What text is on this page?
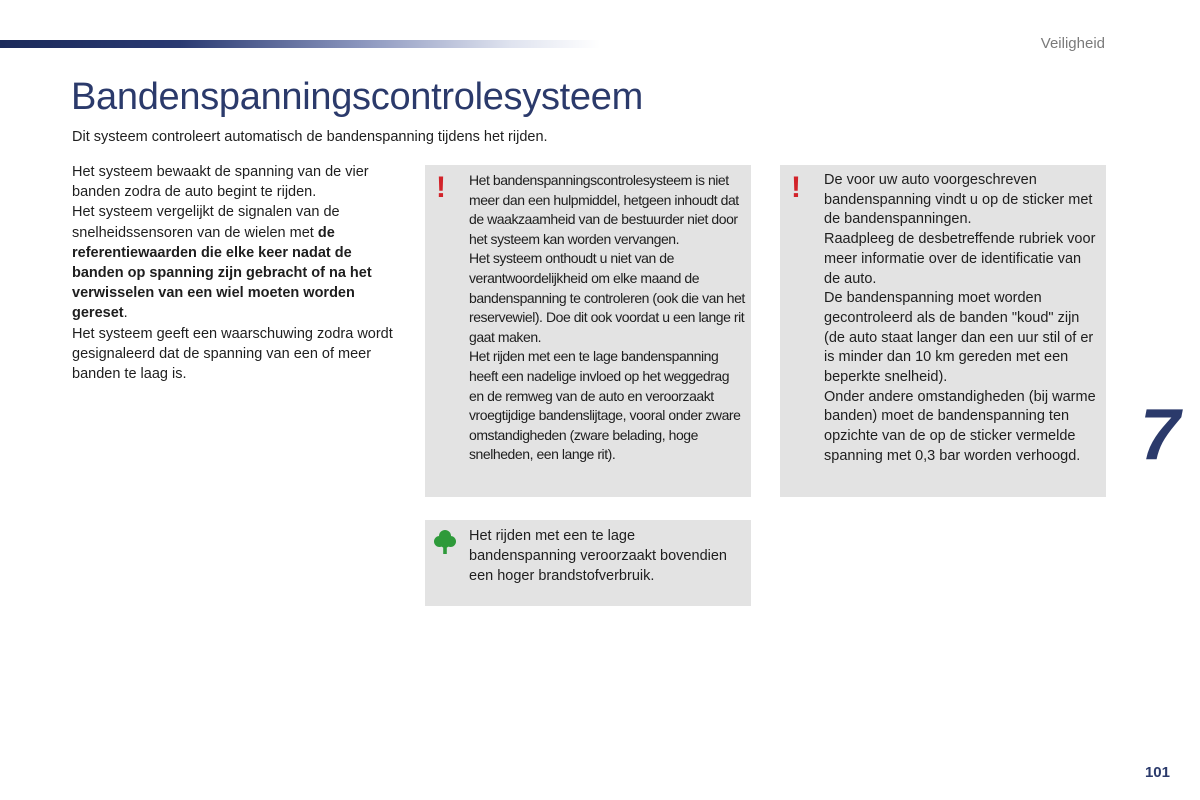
Veiligheid
Bandenspanningscontrolesysteem
Dit systeem controleert automatisch de bandenspanning tijdens het rijden.

Het systeem bewaakt de spanning van de vier banden zodra de auto begint te rijden.

Het systeem vergelijkt de signalen van de snelheidssensoren van de wielen met de referentiewaarden die elke keer nadat de banden op spanning zijn gebracht of na het verwisselen van een wiel moeten worden gereset.

Het systeem geeft een waarschuwing zodra wordt gesignaleerd dat de spanning van een of meer banden te laag is.

! Het bandenspanningscontrolesysteem is niet meer dan een hulpmiddel, hetgeen inhoudt dat de waakzaamheid van de bestuurder niet door het systeem kan worden vervangen.

Het systeem onthoudt u niet van de verantwoordelijkheid om elke maand de bandenspanning te controleren (ook die van het reservewiel). Doe dit ook voordat u een lange rit gaat maken.

Het rijden met een te lage bandenspanning heeft een nadelige invloed op het weggedrag en de remweg van de auto en veroorzaakt vroegtijdige bandenslijtage, vooral onder zware omstandigheden (zware belading, hoge snelheden, een lange rit).

! De voor uw auto voorgeschreven bandenspanning vindt u op de sticker met de bandenspanningen.

Raadpleeg de desbetreffende rubriek voor meer informatie over de identificatie van de auto.

De bandenspanning moet worden gecontroleerd als de banden "koud" zijn (de auto staat langer dan een uur stil of er is minder dan 10 km gereden met een beperkte snelheid).

Onder andere omstandigheden (bij warme banden) moet de bandenspanning ten opzichte van de op de sticker vermelde spanning met 0,3 bar worden verhoogd.

Het rijden met een te lage bandenspanning veroorzaakt bovendien een hoger brandstofverbruik.
7
101
